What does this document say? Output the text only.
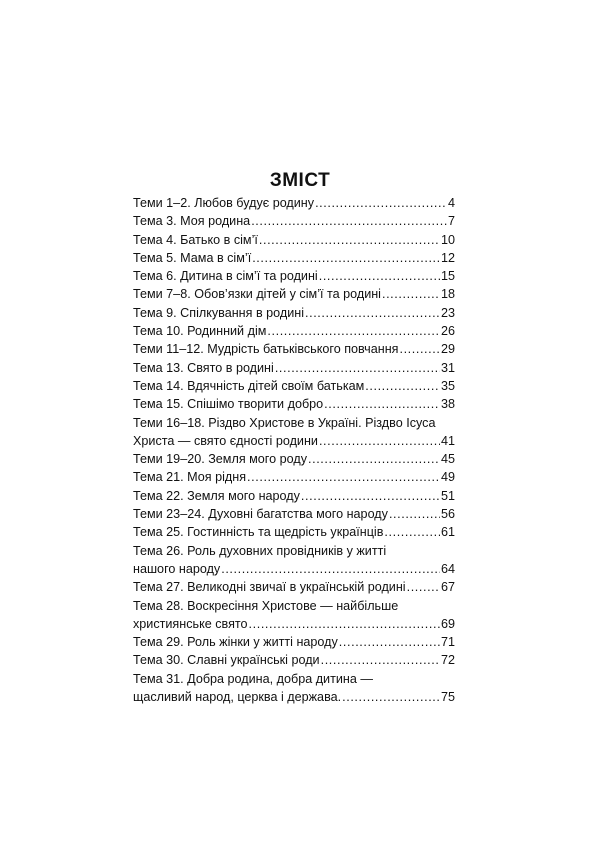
ЗМІСТ
Теми 1–2. Любов будує родину .....	4
Тема 3. Моя родина .....	7
Тема 4. Батько в сім’ї .....	10
Тема 5. Мама в сім’ї .....	12
Тема 6. Дитина в сім’ї та родині .....	15
Теми 7–8. Обов’язки дітей у сім’ї та родині .....	18
Тема 9. Спілкування в родині .....	23
Тема 10. Родинний дім .....	26
Теми 11–12. Мудрість батьківського повчання .....	29
Тема 13. Свято в родині .....	31
Тема 14. Вдячність дітей своїм батькам .....	35
Тема 15. Спішімо творити добро .....	38
Теми 16–18. Різдво Христове в Україні. Різдво Ісуса
Христа — свято єдності родини .....	41
Теми 19–20. Земля мого роду .....	45
Тема 21. Моя рідня .....	49
Тема 22. Земля мого народу .....	51
Теми 23–24. Духовні багатства мого народу .....	56
Тема 25. Гостинність та щедрість українців .....	61
Тема 26. Роль духовних провідників у житті
нашого народу .....	64
Тема 27. Великодні звичаї в українській родині .....	67
Тема 28. Воскресіння Христове — найбільше
християнське свято .....	69
Тема 29. Роль жінки у житті народу .....	71
Тема 30. Славні українські роди .....	72
Тема 31. Добра родина, добра дитина —
щасливий народ, церква і держава. .....	75
